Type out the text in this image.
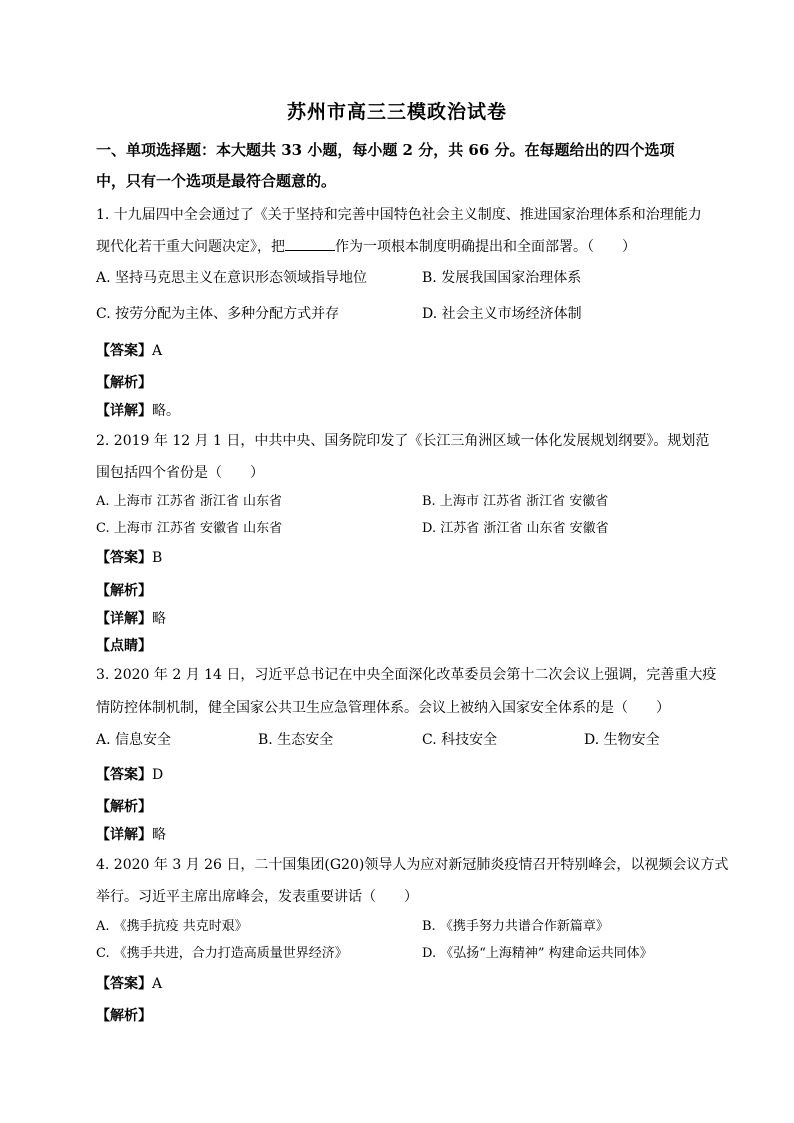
苏州市高三三模政治试卷
一、单项选择题：本大题共 33 小题，每小题 2 分，共 66 分。在每题给出的四个选项
中，只有一个选项是最符合题意的。
1. 十九届四中全会通过了《关于坚持和完善中国特色社会主义制度、推进国家治理体系和治理能力
现代化若干重大问题决定》，把	作为一项根本制度明确提出和全面部署。（　　）
A. 坚持马克思主义在意识形态领域指导地位	B. 发展我国国家治理体系
C. 按劳分配为主体、多种分配方式并存	D. 社会主义市场经济体制
【答案】A
【解析】
【详解】略。
2. 2019 年 12 月 1 日，中共中央、国务院印发了《长江三角洲区域一体化发展规划纲要》。规划范
围包括四个省份是（　　）
A. 上海市 江苏省 浙江省 山东省	B. 上海市 江苏省 浙江省 安徽省
C. 上海市 江苏省 安徽省 山东省	D. 江苏省 浙江省 山东省 安徽省
【答案】B
【解析】
【详解】略
【点睛】
3. 2020 年 2 月 14 日，习近平总书记在中央全面深化改革委员会第十二次会议上强调，完善重大疫
情防控体制机制，健全国家公共卫生应急管理体系。会议上被纳入国家安全体系的是（　　）
A. 信息安全	B. 生态安全	C. 科技安全	D. 生物安全
【答案】D
【解析】
【详解】略
4. 2020 年 3 月 26 日，二十国集团(G20)领导人为应对新冠肺炎疫情召开特别峰会，以视频会议方式
举行。习近平主席出席峰会，发表重要讲话（　　）
A. 《携手抗疫 共克时艰》	B. 《携手努力共谱合作新篇章》
C. 《携手共进，合力打造高质量世界经济》	D. 《弘扬“上海精神” 构建命运共同体》
【答案】A
【解析】
